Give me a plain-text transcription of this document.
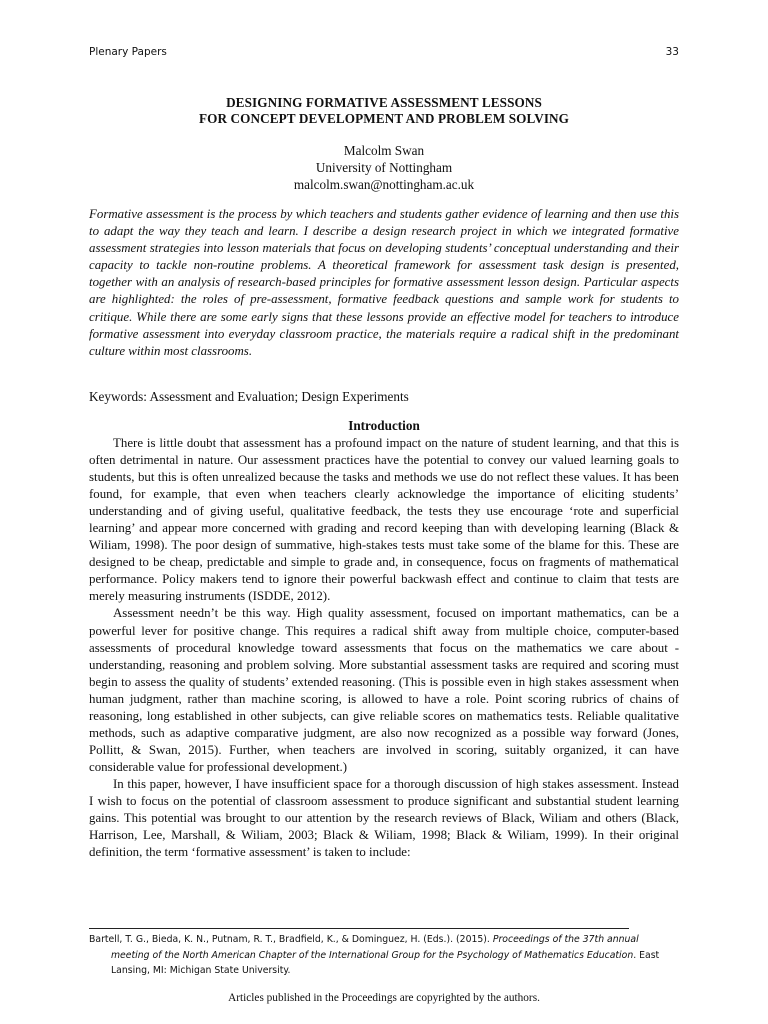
Plenary Papers	33
DESIGNING FORMATIVE ASSESSMENT LESSONS
FOR CONCEPT DEVELOPMENT AND PROBLEM SOLVING
Malcolm Swan
University of Nottingham
malcolm.swan@nottingham.ac.uk

Formative assessment is the process by which teachers and students gather evidence of learning and then use this to adapt the way they teach and learn. I describe a design research project in which we integrated formative assessment strategies into lesson materials that focus on developing students’ conceptual understanding and their capacity to tackle non-routine problems. A theoretical framework for assessment task design is presented, together with an analysis of research-based principles for formative assessment lesson design. Particular aspects are highlighted: the roles of pre-assessment, formative feedback questions and sample work for students to critique. While there are some early signs that these lessons provide an effective model for teachers to introduce formative assessment into everyday classroom practice, the materials require a radical shift in the predominant culture within most classrooms.

Keywords: Assessment and Evaluation; Design Experiments
Introduction

There is little doubt that assessment has a profound impact on the nature of student learning, and that this is often detrimental in nature. Our assessment practices have the potential to convey our valued learning goals to students, but this is often unrealized because the tasks and methods we use do not reflect these values. It has been found, for example, that even when teachers clearly acknowledge the importance of eliciting students’ understanding and of giving useful, qualitative feedback, the tests they use encourage ‘rote and superficial learning’ and appear more concerned with grading and record keeping than with developing learning (Black & Wiliam, 1998). The poor design of summative, high-stakes tests must take some of the blame for this. These are designed to be cheap, predictable and simple to grade and, in consequence, focus on fragments of mathematical performance. Policy makers tend to ignore their powerful backwash effect and continue to claim that tests are merely measuring instruments (ISDDE, 2012).

Assessment needn’t be this way. High quality assessment, focused on important mathematics, can be a powerful lever for positive change. This requires a radical shift away from multiple choice, computer-based assessments of procedural knowledge toward assessments that focus on the mathematics we care about - understanding, reasoning and problem solving. More substantial assessment tasks are required and scoring must begin to assess the quality of students’ extended reasoning. (This is possible even in high stakes assessment when human judgment, rather than machine scoring, is allowed to have a role. Point scoring rubrics of chains of reasoning, long established in other subjects, can give reliable scores on mathematics tests. Reliable qualitative methods, such as adaptive comparative judgment, are also now recognized as a possible way forward (Jones, Pollitt, & Swan, 2015). Further, when teachers are involved in scoring, suitably organized, it can have considerable value for professional development.)

In this paper, however, I have insufficient space for a thorough discussion of high stakes assessment. Instead I wish to focus on the potential of classroom assessment to produce significant and substantial student learning gains. This potential was brought to our attention by the research reviews of Black, Wiliam and others (Black, Harrison, Lee, Marshall, & Wiliam, 2003; Black & Wiliam, 1998; Black & Wiliam, 1999). In their original definition, the term ‘formative assessment’ is taken to include:

Bartell, T. G., Bieda, K. N., Putnam, R. T., Bradfield, K., & Dominguez, H. (Eds.). (2015). Proceedings of the 37th annual meeting of the North American Chapter of the International Group for the Psychology of Mathematics Education. East Lansing, MI: Michigan State University.
Articles published in the Proceedings are copyrighted by the authors.
